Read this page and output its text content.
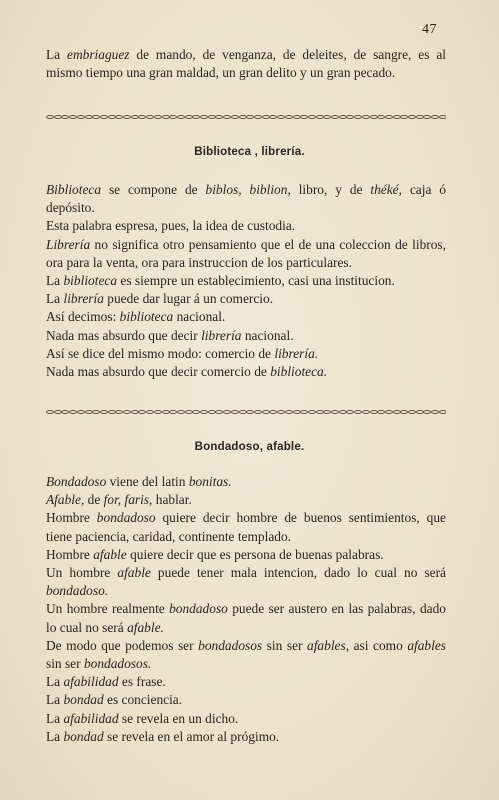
47

La embriaguez de mando, de venganza, de deleites, de sangre, es al mismo tiempo una gran maldad, un gran delito y un gran pecado.

Biblioteca , librería.

Biblioteca se compone de biblos, biblion, libro, y de théké, caja ó depósito.

Esta palabra espresa, pues, la idea de custodia.

Librería no significa otro pensamiento que el de una coleccion de libros, ora para la venta, ora para instruccion de los particulares.

La biblioteca es siempre un establecimiento, casi una institucion.

La librería puede dar lugar á un comercio.

Así decimos: biblioteca nacional.

Nada mas absurdo que decir librería nacional.

Así se dice del mismo modo: comercio de librería.

Nada mas absurdo que decir comercio de biblioteca.

Bondadoso, afable.

Bondadoso viene del latin bonitas.

Afable, de for, faris, hablar.

Hombre bondadoso quiere decir hombre de buenos sentimientos, que tiene paciencia, caridad, continente templado.

Hombre afable quiere decir que es persona de buenas palabras.

Un hombre afable puede tener mala intencion, dado lo cual no será bondadoso.

Un hombre realmente bondadoso puede ser austero en las palabras, dado lo cual no será afable.

De modo que podemos ser bondadosos sin ser afables, asi como afables sin ser bondadosos.

La afabilidad es frase.

La bondad es conciencia.

La afabilidad se revela en un dicho.

La bondad se revela en el amor al prógimo.
